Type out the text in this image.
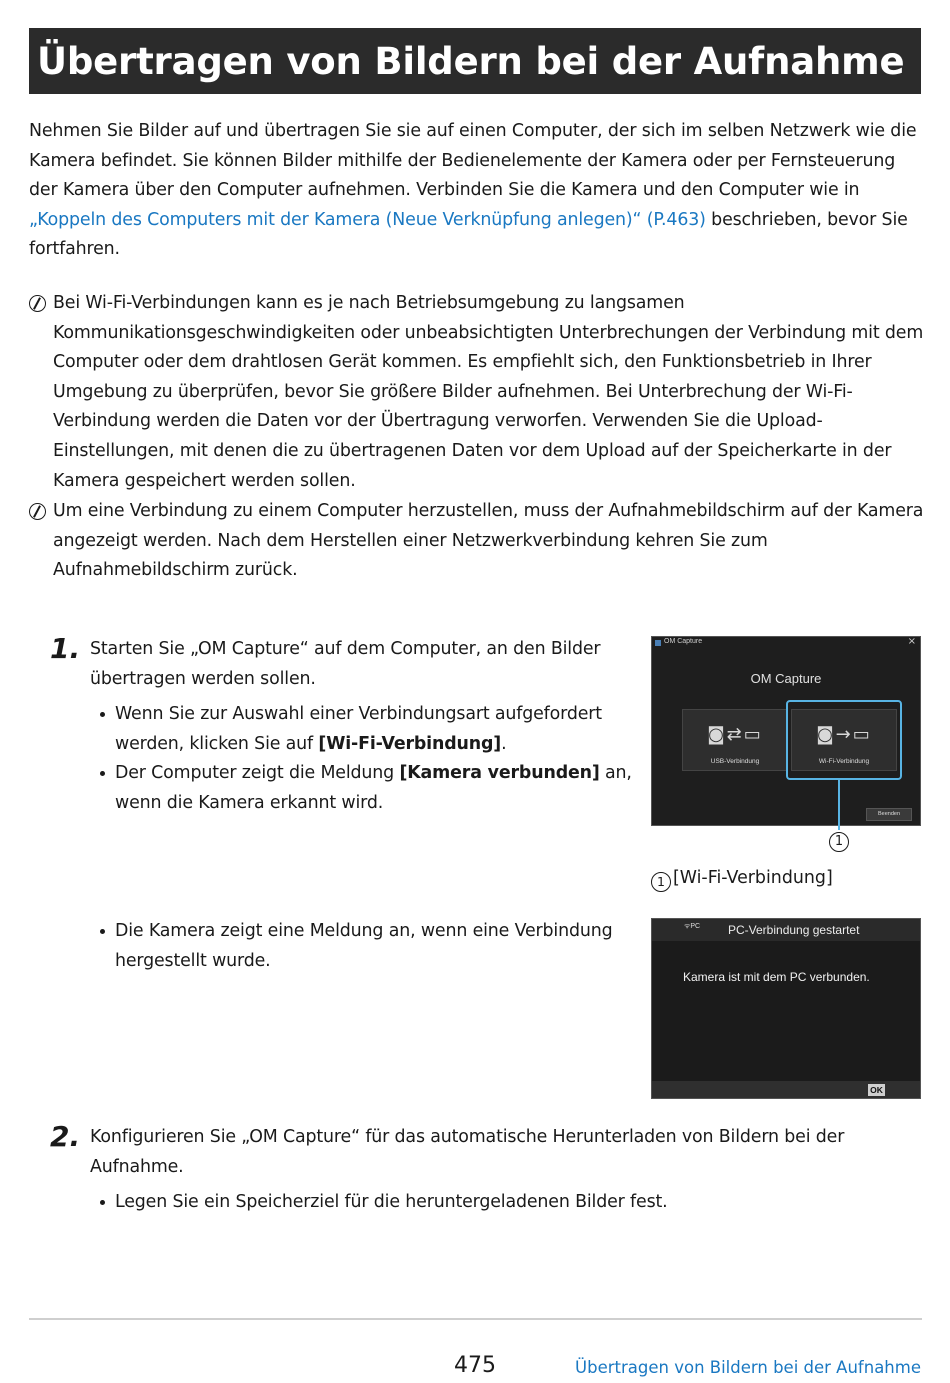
Übertragen von Bildern bei der Aufnahme

Nehmen Sie Bilder auf und übertragen Sie sie auf einen Computer, der sich im selben Netzwerk wie die Kamera befindet. Sie können Bilder mithilfe der Bedienelemente der Kamera oder per Fernsteuerung der Kamera über den Computer aufnehmen. Verbinden Sie die Kamera und den Computer wie in „Koppeln des Computers mit der Kamera (Neue Verknüpfung anlegen)“ (P.463) beschrieben, bevor Sie fortfahren.

Bei Wi-Fi-Verbindungen kann es je nach Betriebsumgebung zu langsamen Kommunikationsgeschwindigkeiten oder unbeabsichtigten Unterbrechungen der Verbindung mit dem Computer oder dem drahtlosen Gerät kommen. Es empfiehlt sich, den Funktionsbetrieb in Ihrer Umgebung zu überprüfen, bevor Sie größere Bilder aufnehmen. Bei Unterbrechung der Wi-Fi-Verbindung werden die Daten vor der Übertragung verworfen. Verwenden Sie die Upload-Einstellungen, mit denen die zu übertragenen Daten vor dem Upload auf der Speicherkarte in der Kamera gespeichert werden sollen.
Um eine Verbindung zu einem Computer herzustellen, muss der Aufnahmebildschirm auf der Kamera angezeigt werden. Nach dem Herstellen einer Netzwerkverbindung kehren Sie zum Aufnahmebildschirm zurück.
1. Starten Sie „OM Capture“ auf dem Computer, an den Bilder übertragen werden sollen.
Wenn Sie zur Auswahl einer Verbindungsart aufgefordert werden, klicken Sie auf [Wi-Fi-Verbindung].
Der Computer zeigt die Meldung [Kamera verbunden] an, wenn die Kamera erkannt wird.
OM Capture	×
OM Capture
◙⇄▭
USB-Verbindung
◙→▭
Wi-Fi-Verbindung
Beenden
1
1 [Wi-Fi-Verbindung]
Die Kamera zeigt eine Meldung an, wenn eine Verbindung hergestellt wurde.
ᯤPC PC-Verbindung gestartet
Kamera ist mit dem PC verbunden.
OK
2. Konfigurieren Sie „OM Capture“ für das automatische Herunterladen von Bildern bei der Aufnahme.
Legen Sie ein Speicherziel für die heruntergeladenen Bilder fest.
475	Übertragen von Bildern bei der Aufnahme
